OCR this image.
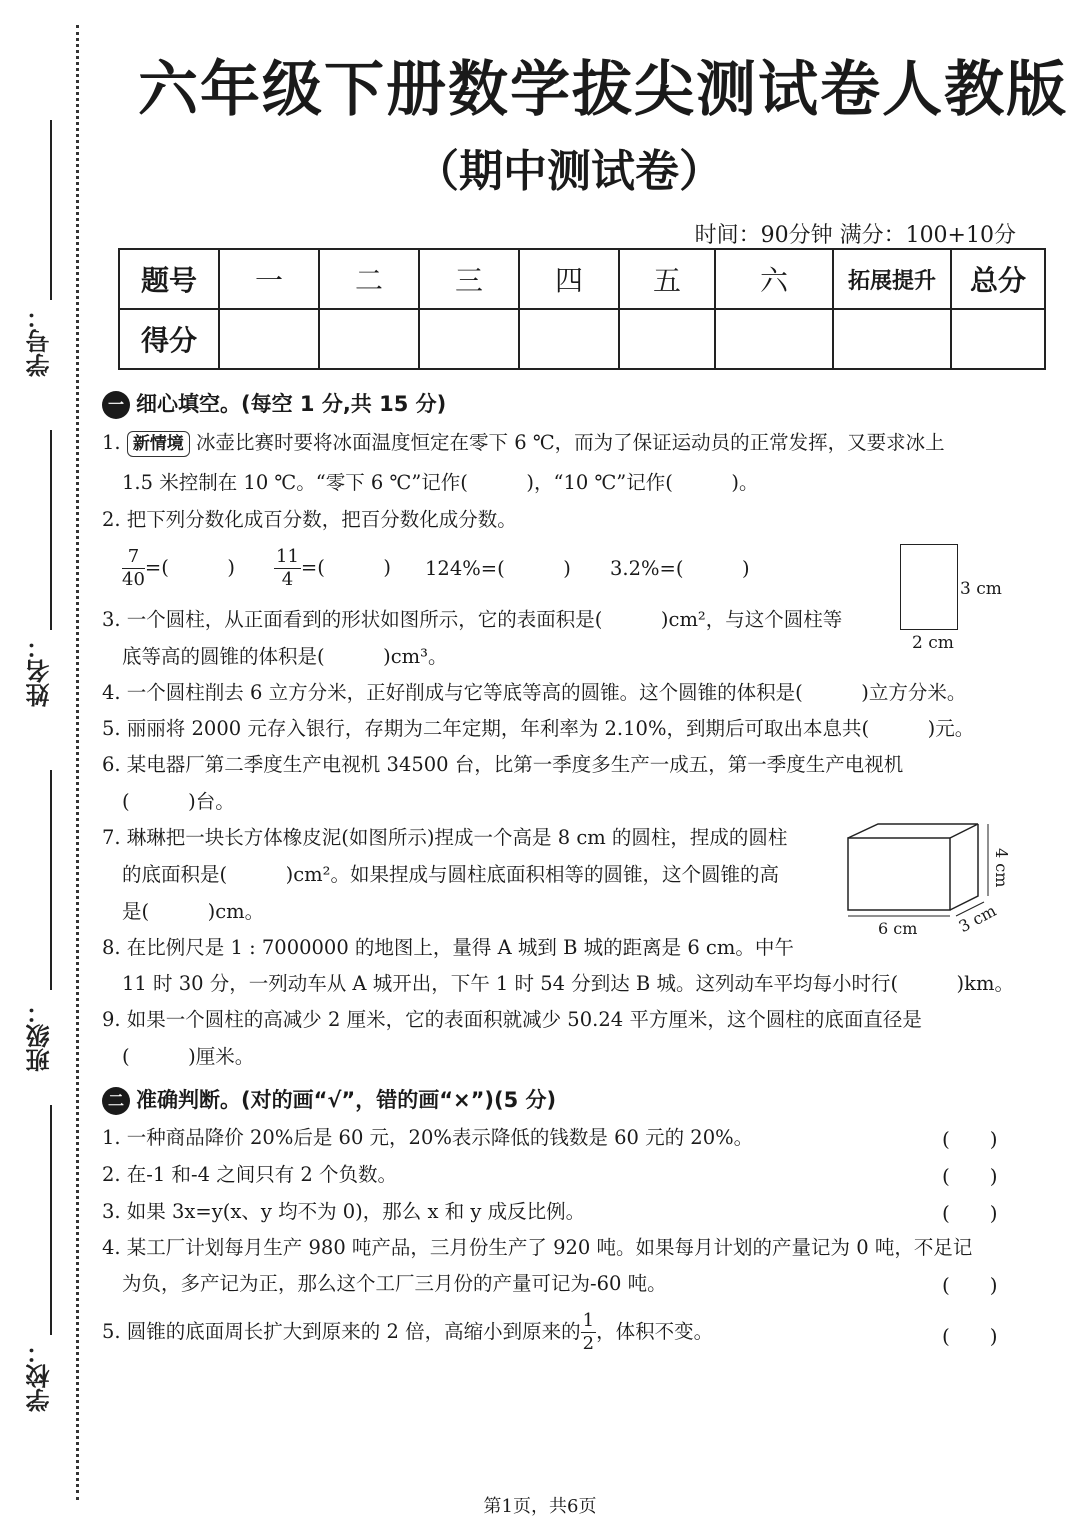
学号：
姓名：
班级：
学校：
六年级下册数学拔尖测试卷人教版
（期中测试卷）
时间：90分钟 满分：100+10分
题号	一	二	三	四	五	六	拓展提升	总分
得分								
一 细心填空。(每空 1 分,共 15 分)
1. 新情境 冰壶比赛时要将冰面温度恒定在零下 6 ℃，而为了保证运动员的正常发挥，又要求冰上
1.5 米控制在 10 ℃。“零下 6 ℃”记作(　　　)，“10 ℃”记作(　　　)。
2. 把下列分数化成百分数，把百分数化成分数。
$\frac{7}{40}$ =(　　　) $\frac{11}{4}$ =(　　　) 124%=(　　　) 3.2%=(　　　)
3 cm
2 cm
3. 一个圆柱，从正面看到的形状如图所示，它的表面积是(　　　)cm²，与这个圆柱等
底等高的圆锥的体积是(　　　)cm³。
4. 一个圆柱削去 6 立方分米，正好削成与它等底等高的圆锥。这个圆锥的体积是(　　　)立方分米。
5. 丽丽将 2000 元存入银行，存期为二年定期，年利率为 2.10%，到期后可取出本息共(　　　)元。
6. 某电器厂第二季度生产电视机 34500 台，比第一季度多生产一成五，第一季度生产电视机
(　　　)台。
7. 琳琳把一块长方体橡皮泥(如图所示)捏成一个高是 8 cm 的圆柱，捏成的圆柱
的底面积是(　　　)cm²。如果捏成与圆柱底面积相等的圆锥，这个圆锥的高
是(　　　)cm。
4 cm
6 cm 3 cm
8. 在比例尺是 1 : 7000000 的地图上，量得 A 城到 B 城的距离是 6 cm。中午
11 时 30 分，一列动车从 A 城开出，下午 1 时 54 分到达 B 城。这列动车平均每小时行(　　　)km。
9. 如果一个圆柱的高减少 2 厘米，它的表面积就减少 50.24 平方厘米，这个圆柱的底面直径是
(　　　)厘米。
二 准确判断。(对的画“√”，错的画“×”)(5 分)
1. 一种商品降价 20%后是 60 元，20%表示降低的钱数是 60 元的 20%。	(　　)
2. 在-1 和-4 之间只有 2 个负数。	(　　)
3. 如果 3x=y(x、y 均不为 0)，那么 x 和 y 成反比例。	(　　)
4. 某工厂计划每月生产 980 吨产品，三月份生产了 920 吨。如果每月计划的产量记为 0 吨，不足记
为负，多产记为正，那么这个工厂三月份的产量可记为-60 吨。	(　　)
5. 圆锥的底面周长扩大到原来的 2 倍，高缩小到原来的 $\frac{1}{2}$ ，体积不变。	(　　)
第1页，共6页
